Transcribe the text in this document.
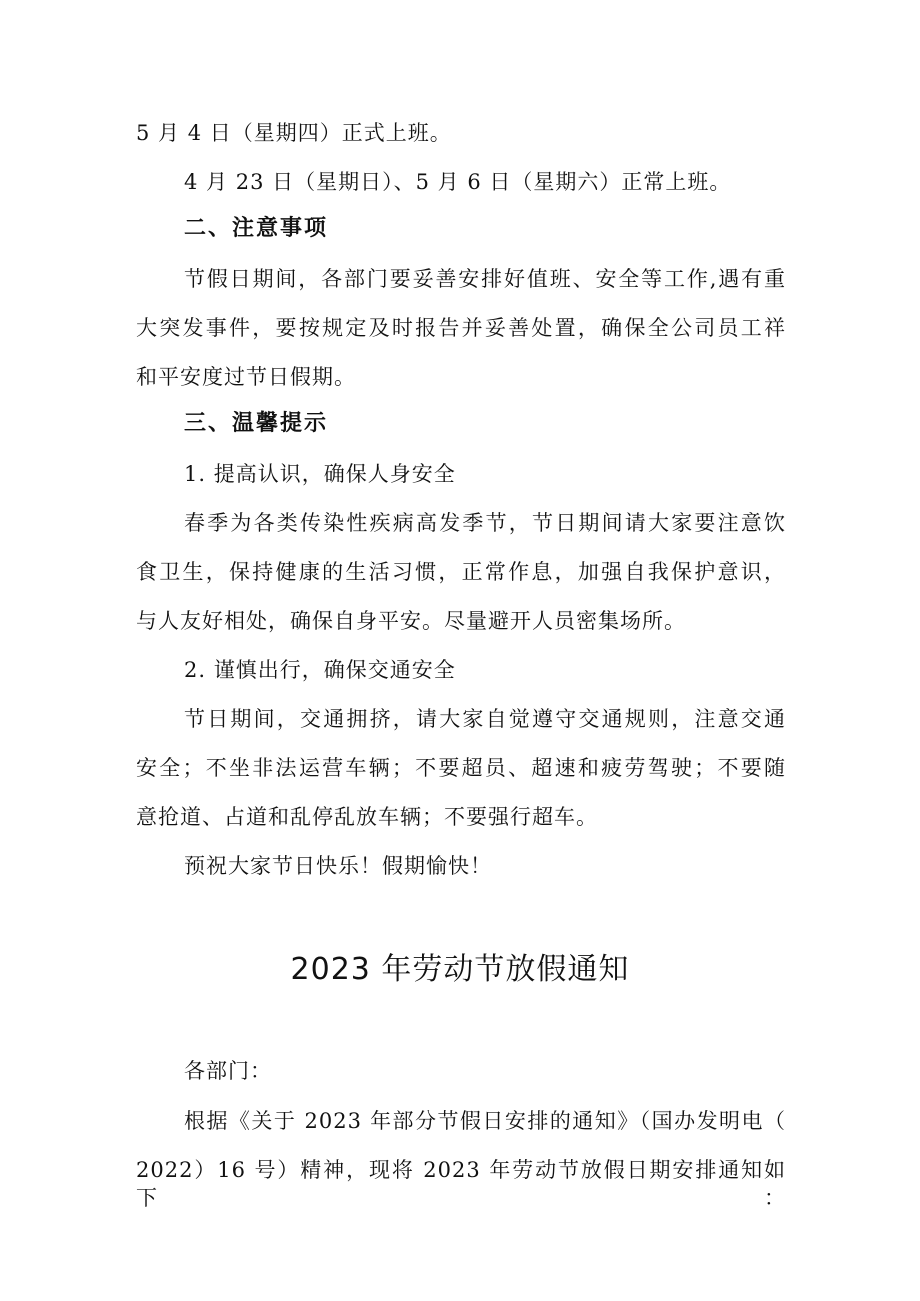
5 月 4 日（星期四）正式上班。
4 月 23 日（星期日）、5 月 6 日（星期六）正常上班。
二、注意事项
节假日期间，各部门要妥善安排好值班、安全等工作,遇有重
大突发事件，要按规定及时报告并妥善处置，确保全公司员工祥
和平安度过节日假期。
三、温馨提示
1. 提高认识，确保人身安全
春季为各类传染性疾病高发季节，节日期间请大家要注意饮
食卫生，保持健康的生活习惯，正常作息，加强自我保护意识，
与人友好相处，确保自身平安。尽量避开人员密集场所。
2. 谨慎出行，确保交通安全
节日期间，交通拥挤，请大家自觉遵守交通规则，注意交通
安全；不坐非法运营车辆；不要超员、超速和疲劳驾驶；不要随
意抢道、占道和乱停乱放车辆；不要强行超车。
预祝大家节日快乐！假期愉快！
2023 年劳动节放假通知
各部门：
根据《关于 2023 年部分节假日安排的通知》（国办发明电（
2022）16 号）精神，现将 2023 年劳动节放假日期安排通知如下：
